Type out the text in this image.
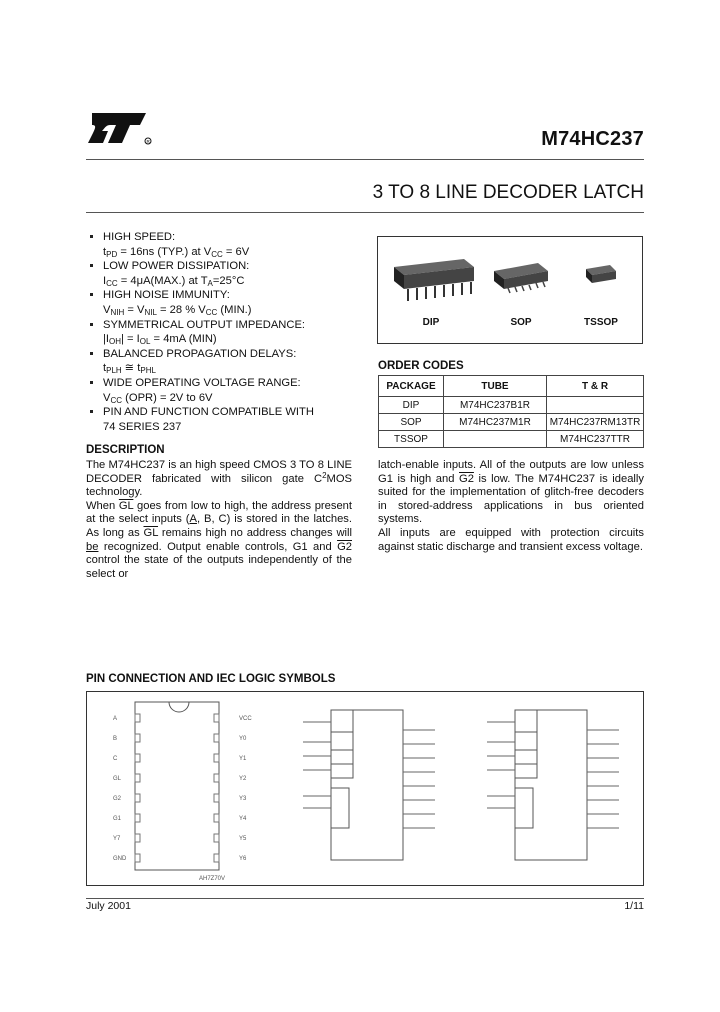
R	M74HC237
3 TO 8 LINE DECODER LATCH
HIGH SPEED:
$t_{PD} = 16ns$ (TYP.) at $V_{CC} = 6V$
LOW POWER DISSIPATION:
$I_{CC} = 4\mu A(MAX.)$ at $T_A=25^\circ C$
HIGH NOISE IMMUNITY:
$V_{NIH} = V_{NIL} = 28$ % $V_{CC}$ (MIN.)
SYMMETRICAL OUTPUT IMPEDANCE:
$|I_{OH}| = I_{OL} = 4mA$ (MIN)
BALANCED PROPAGATION DELAYS:
$t_{PLH}$ ≅ $t_{PHL}$
WIDE OPERATING VOLTAGE RANGE:
$V_{CC}$ (OPR) = 2V to 6V
PIN AND FUNCTION COMPATIBLE WITH
74 SERIES 237
DIP	SOP	TSSOP
ORDER CODES
PACKAGE	TUBE	T & R
DIP	M74HC237B1R	
SOP	M74HC237M1R	M74HC237RM13TR
TSSOP		M74HC237TTR
DESCRIPTION
The M74HC237 is an high speed CMOS 3 TO 8 LINE DECODER fabricated with silicon gate $C^2MOS$ technology.
When $\overline{GL}$ goes from low to high, the address present at the select inputs (A, B, C) is stored in the latches. As long as $\overline{GL}$ remains high no address changes will be recognized. Output enable controls, G1 and G2 control the state of the outputs independently of the select or
latch-enable inputs. All of the outputs are low unless G1 is high and G2 is low. The M74HC237 is ideally suited for the implementation of glitch-free decoders in stored-address applications in bus oriented systems.
All inputs are equipped with protection circuits against static discharge and transient excess voltage.
PIN CONNECTION AND IEC LOGIC SYMBOLS
A
B
C
GL
G2
G1
Y7
GND
VCC
Y0
Y1
Y2
Y3
Y4
Y5
Y6
AH7Z70V
July 2001	1/11
